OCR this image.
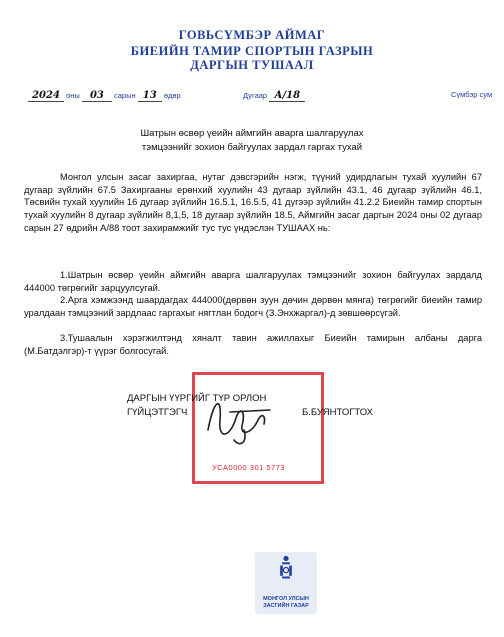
ГОВЬСҮМБЭР АЙМАГ
БИЕИЙН ТАМИР СПОРТЫН ГАЗРЫН
ДАРГЫН ТУШААЛ
2024 оны 03 сарын 13 өдөр	Дугаар А/18	Сүмбэр сум
Шатрын өсвөр үеийн аймгийн аварга шалгаруулах
тэмцээнийг зохион байгуулах зардал гаргах тухай

Монгол улсын засаг захиргаа, нутаг дэвсгэрийн нэгж, түүний удирдлагын тухай хуулийн 67 дугаар зүйлийн 67.5 Захиргааны ерөнхий хуулийн 43 дугаар зүйлийн 43.1, 46 дугаар зүйлийн 46.1, Төсвийн тухай хуулийн 16 дугаар зүйлийн 16.5.1, 16.5.5, 41 дүгээр зүйлийн 41.2.2 Биеийн тамир спортын тухай хуулийн 8 дугаар зүйлийн 8,1,5, 18 дугаар зүйлийн 18.5, Аймгийн засаг даргын 2024 оны 02 дугаар сарын 27 өдрийн А/88 тоот захирамжийг тус тус үндэслэн ТУШААХ нь:

1.Шатрын өсвөр үеийн аймгийн аварга шалгаруулах тэмцээнийг зохион байгуулах зардалд 444000 төгрөгийг зарцуулсугай.

2.Арга хэмжээнд шаардагдах 444000(дөрвөн зуун дөчин дөрвөн мянга) төгрөгийг биеийн тамир уралдаан тэмцээний зардлаас гаргахыг нягтлан бодогч (З.Энхжаргал)-д зөвшөөрсүгэй.

3.Тушаалын хэрэгжилтэнд хяналт тавин ажиллахыг Биеийн тамирын албаны дарга (М.Батдэлгэр)-т үүрэг болгосугай.

УСА0000 301 5773
ДАРГЫН ҮҮРГИЙГ ТҮР ОРЛОН
ГҮЙЦЭТГЭГЧ	Б.БУЯНТОГТОХ
МОНГОЛ УЛСЫН
ЗАСГИЙН ГАЗАР
